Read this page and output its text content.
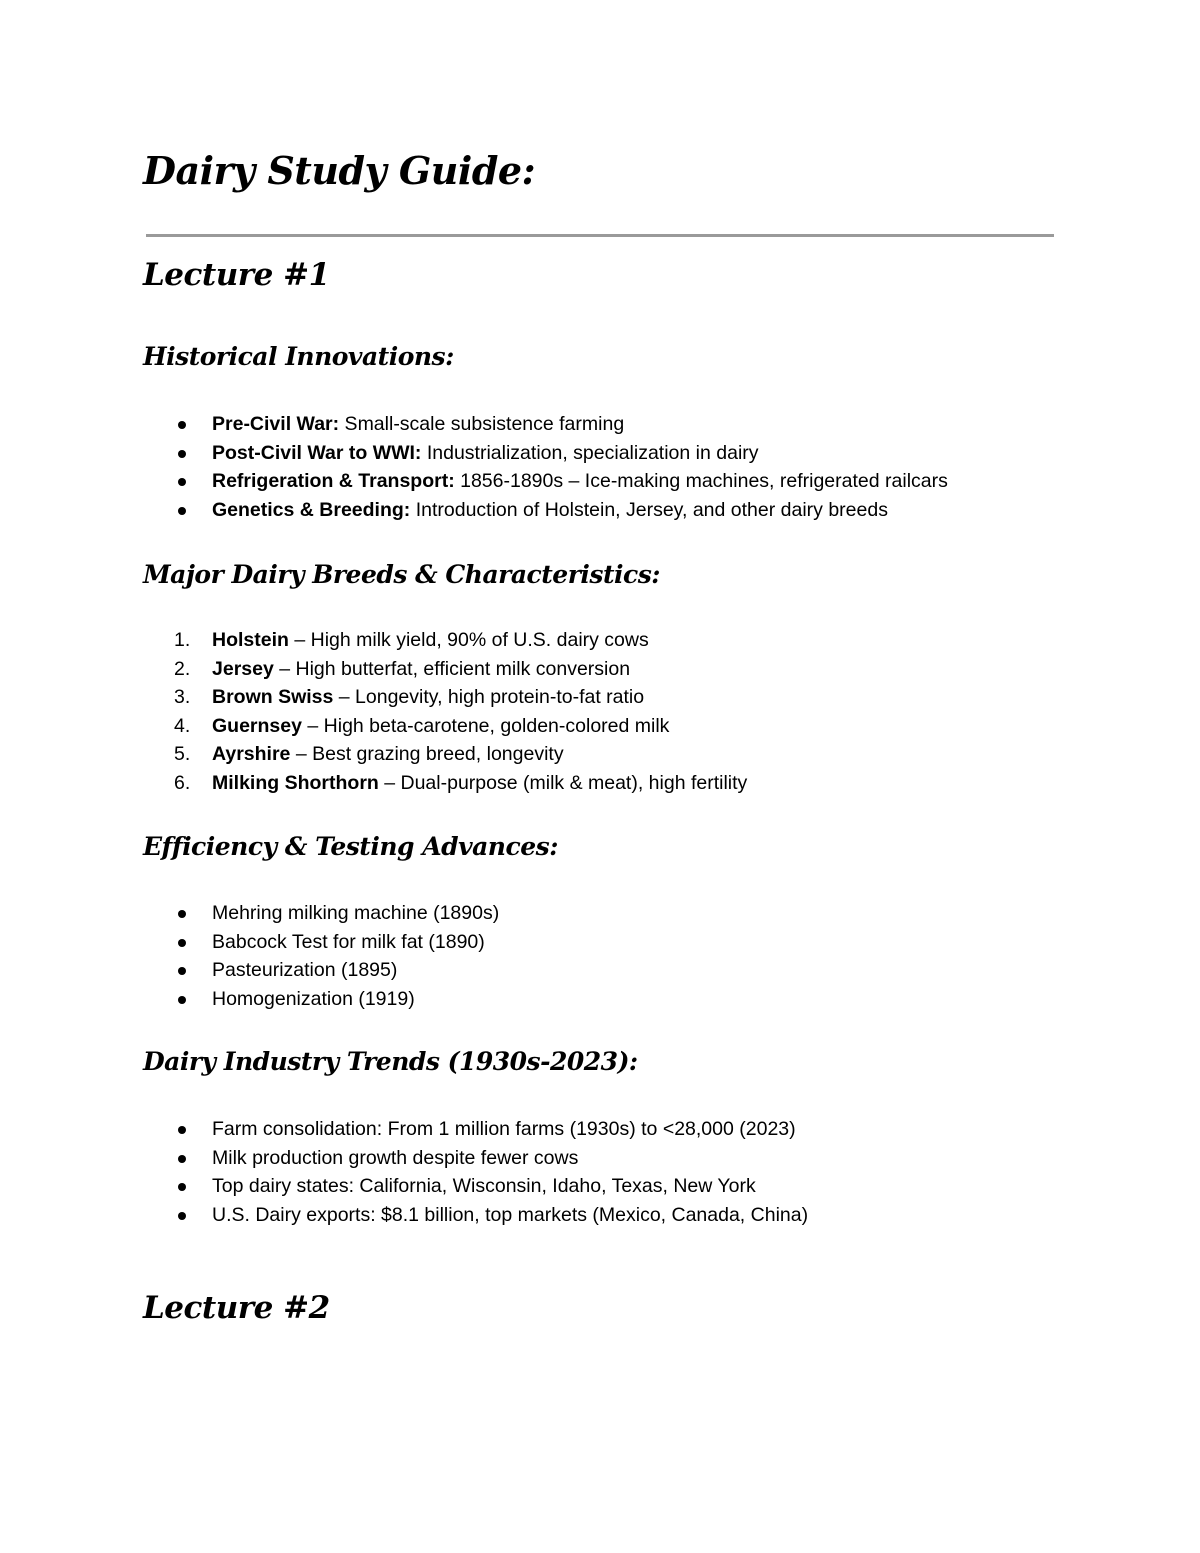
Dairy Study Guide:
Lecture #1
Historical Innovations:
Pre-Civil War: Small-scale subsistence farming
Post-Civil War to WWI: Industrialization, specialization in dairy
Refrigeration & Transport: 1856-1890s – Ice-making machines, refrigerated railcars
Genetics & Breeding: Introduction of Holstein, Jersey, and other dairy breeds
Major Dairy Breeds & Characteristics:
1. Holstein – High milk yield, 90% of U.S. dairy cows
2. Jersey – High butterfat, efficient milk conversion
3. Brown Swiss – Longevity, high protein-to-fat ratio
4. Guernsey – High beta-carotene, golden-colored milk
5. Ayrshire – Best grazing breed, longevity
6. Milking Shorthorn – Dual-purpose (milk & meat), high fertility
Efficiency & Testing Advances:
Mehring milking machine (1890s)
Babcock Test for milk fat (1890)
Pasteurization (1895)
Homogenization (1919)
Dairy Industry Trends (1930s-2023):
Farm consolidation: From 1 million farms (1930s) to <28,000 (2023)
Milk production growth despite fewer cows
Top dairy states: California, Wisconsin, Idaho, Texas, New York
U.S. Dairy exports: $8.1 billion, top markets (Mexico, Canada, China)
Lecture #2
